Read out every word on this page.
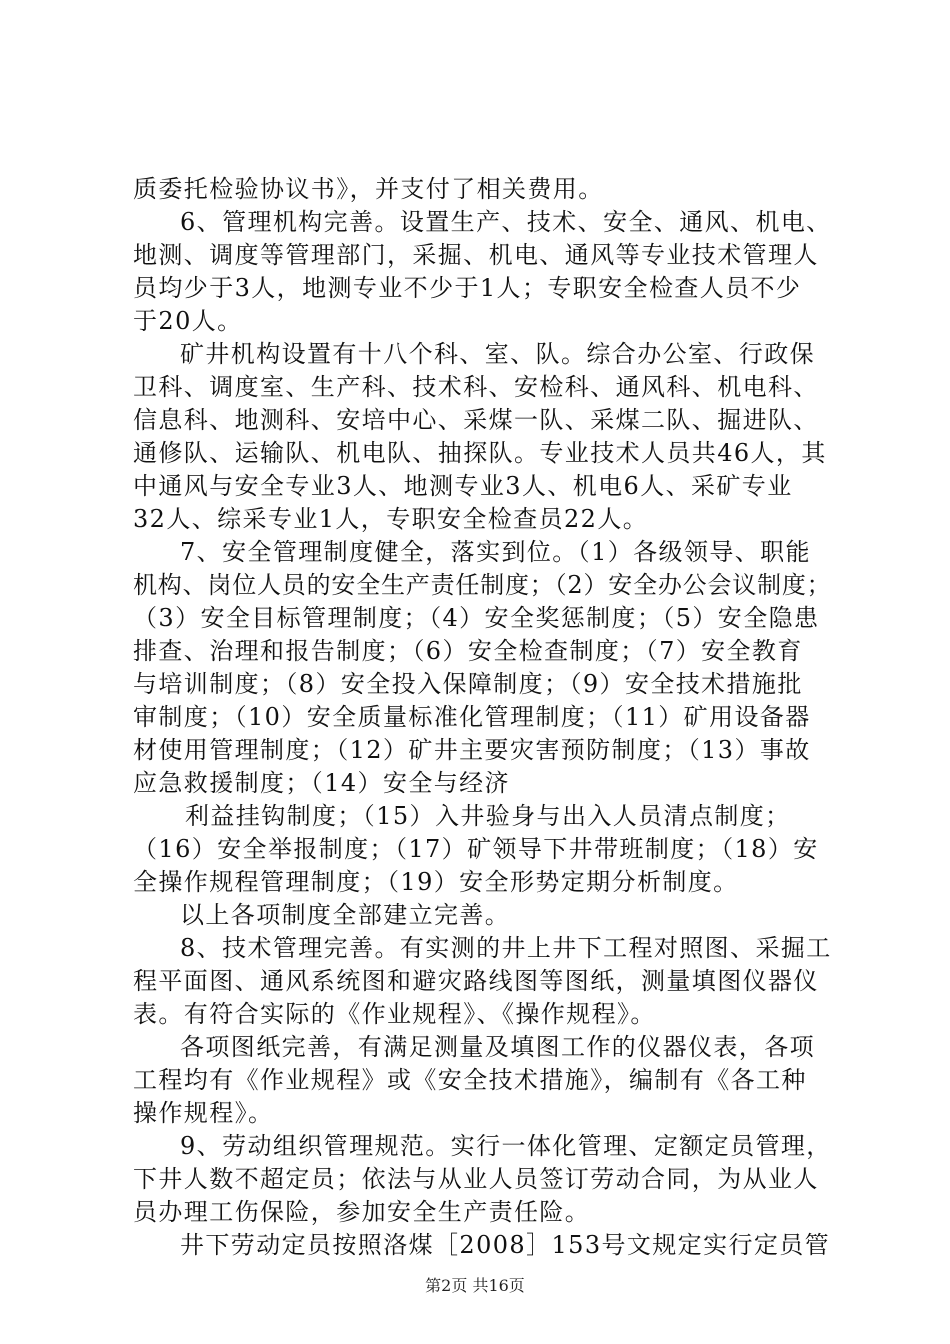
质委托检验协议书》，并支付了相关费用。
6、管理机构完善。设置生产、技术、安全、通风、机电、
地测、调度等管理部门，采掘、机电、通风等专业技术管理人
员均少于3人，地测专业不少于1人；专职安全检查人员不少
于20人。
矿井机构设置有十八个科、室、队。综合办公室、行政保
卫科、调度室、生产科、技术科、安检科、通风科、机电科、
信息科、地测科、安培中心、采煤一队、采煤二队、掘进队、
通修队、运输队、机电队、抽探队。专业技术人员共46人，其
中通风与安全专业3人、地测专业3人、机电6人、采矿专业
32人、综采专业1人，专职安全检查员22人。
7、安全管理制度健全，落实到位。（1）各级领导、职能
机构、岗位人员的安全生产责任制度；（2）安全办公会议制度；
（3）安全目标管理制度；（4）安全奖惩制度；（5）安全隐患
排查、治理和报告制度；（6）安全检查制度；（7）安全教育
与培训制度；（8）安全投入保障制度；（9）安全技术措施批
审制度；（10）安全质量标准化管理制度；（11）矿用设备器
材使用管理制度；（12）矿井主要灾害预防制度；（13）事故
应急救援制度；（14）安全与经济
利益挂钩制度；（15）入井验身与出入人员清点制度；
（16）安全举报制度；（17）矿领导下井带班制度；（18）安
全操作规程管理制度；（19）安全形势定期分析制度。
以上各项制度全部建立完善。
8、技术管理完善。有实测的井上井下工程对照图、采掘工
程平面图、通风系统图和避灾路线图等图纸，测量填图仪器仪
表。有符合实际的《作业规程》、《操作规程》。
各项图纸完善，有满足测量及填图工作的仪器仪表，各项
工程均有《作业规程》或《安全技术措施》，编制有《各工种
操作规程》。
9、劳动组织管理规范。实行一体化管理、定额定员管理，
下井人数不超定员；依法与从业人员签订劳动合同，为从业人
员办理工伤保险，参加安全生产责任险。
井下劳动定员按照洛煤［2008］153号文规定实行定员管
第2页 共16页
